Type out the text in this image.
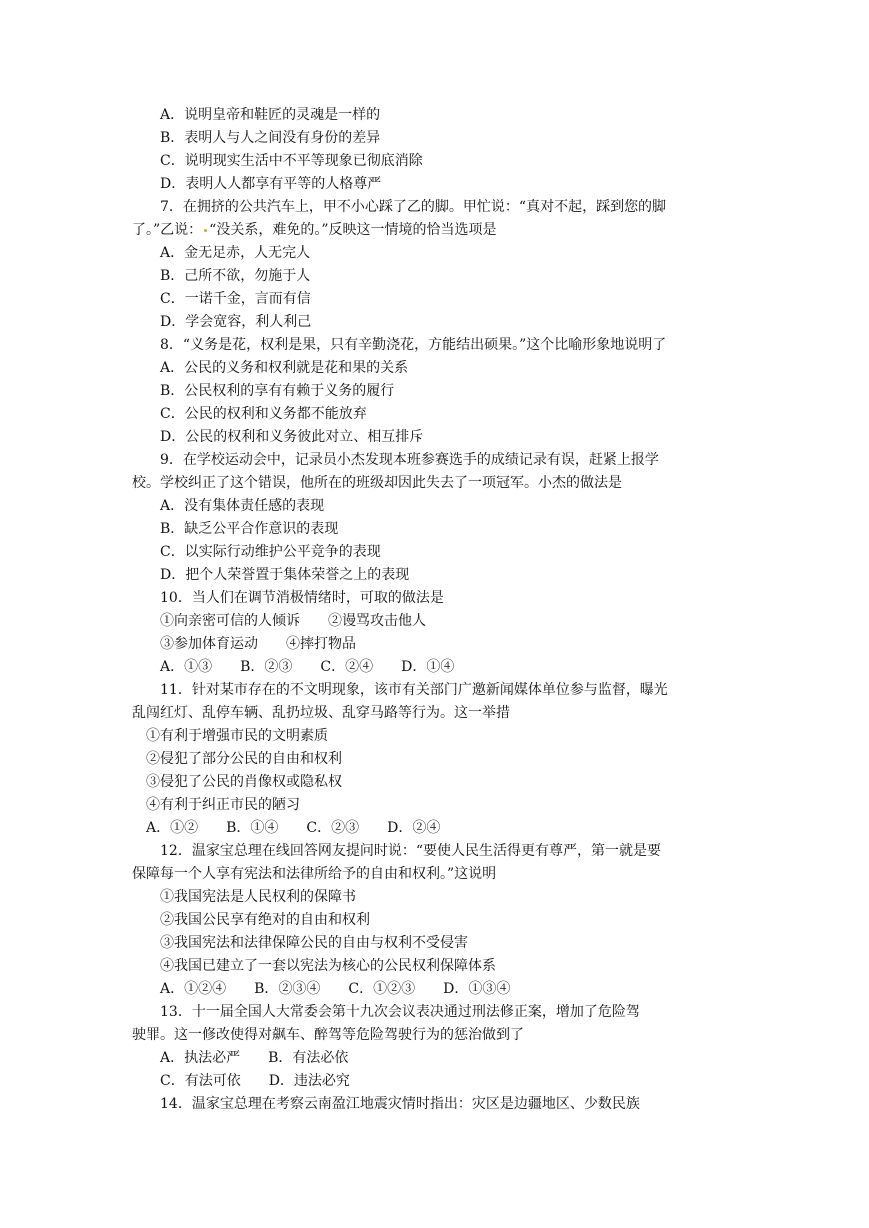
A．说明皇帝和鞋匠的灵魂是一样的
B．表明人与人之间没有身份的差异
C．说明现实生活中不平等现象已彻底消除
D．表明人人都享有平等的人格尊严
7．在拥挤的公共汽车上，甲不小心踩了乙的脚。甲忙说：“真对不起，踩到您的脚
了。”乙说： “没关系，难免的。”反映这一情境的恰当选项是
A．金无足赤，人无完人
B．己所不欲，勿施于人
C．一诺千金，言而有信
D．学会宽容，利人利己
8．“义务是花，权利是果，只有辛勤浇花，方能结出硕果。”这个比喻形象地说明了
A．公民的义务和权利就是花和果的关系
B．公民权利的享有有赖于义务的履行
C．公民的权利和义务都不能放弃
D．公民的权利和义务彼此对立、相互排斥
9．在学校运动会中，记录员小杰发现本班参赛选手的成绩记录有误，赶紧上报学
校。学校纠正了这个错误，他所在的班级却因此失去了一项冠军。小杰的做法是
A．没有集体责任感的表现
B．缺乏公平合作意识的表现
C．以实际行动维护公平竞争的表现
D．把个人荣誉置于集体荣誉之上的表现
10．当人们在调节消极情绪时，可取的做法是
①向亲密可信的人倾诉　　②谩骂攻击他人
③参加体育运动　　④摔打物品
A．①③　　B．②③　　C．②④　　D．①④
11．针对某市存在的不文明现象，该市有关部门广邀新闻媒体单位参与监督，曝光
乱闯红灯、乱停车辆、乱扔垃圾、乱穿马路等行为。这一举措
①有利于增强市民的文明素质
②侵犯了部分公民的自由和权利
③侵犯了公民的肖像权或隐私权
④有利于纠正市民的陋习
A．①②　　B．①④　　C．②③　　D．②④
12．温家宝总理在线回答网友提问时说：“要使人民生活得更有尊严，第一就是要
保障每一个人享有宪法和法律所给予的自由和权利。”这说明
①我国宪法是人民权利的保障书
②我国公民享有绝对的自由和权利
③我国宪法和法律保障公民的自由与权利不受侵害
④我国已建立了一套以宪法为核心的公民权利保障体系
A．①②④　　B．②③④　　C．①②③　　D．①③④
13．十一届全国人大常委会第十九次会议表决通过刑法修正案，增加了危险驾
驶罪。这一修改使得对飙车、醉驾等危险驾驶行为的惩治做到了
A．执法必严　　B．有法必依
C．有法可依　　D．违法必究
14．温家宝总理在考察云南盈江地震灾情时指出：灾区是边疆地区、少数民族
